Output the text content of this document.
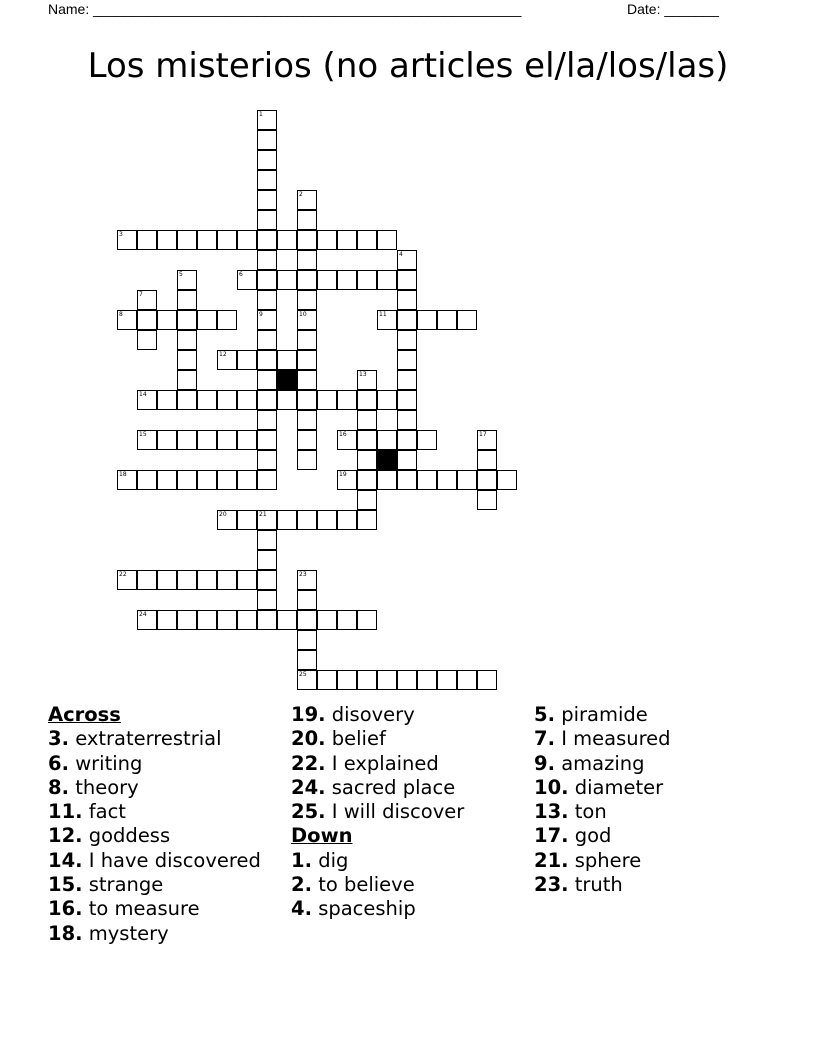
Name: _______________________________________________________	Date: _______
Los misterios (no articles el/la/los/las)
3
6
8	11
12
14
15	16
18	19
20	21
22
24
25
1
9
2
10
4
5
7
13
17
23
Across
3. extraterrestrial
6. writing
8. theory
11. fact
12. goddess
14. I have discovered
15. strange
16. to measure
18. mystery
19. disovery
20. belief
22. I explained
24. sacred place
25. I will discover
Down
1. dig
2. to believe
4. spaceship
5. piramide
7. I measured
9. amazing
10. diameter
13. ton
17. god
21. sphere
23. truth
